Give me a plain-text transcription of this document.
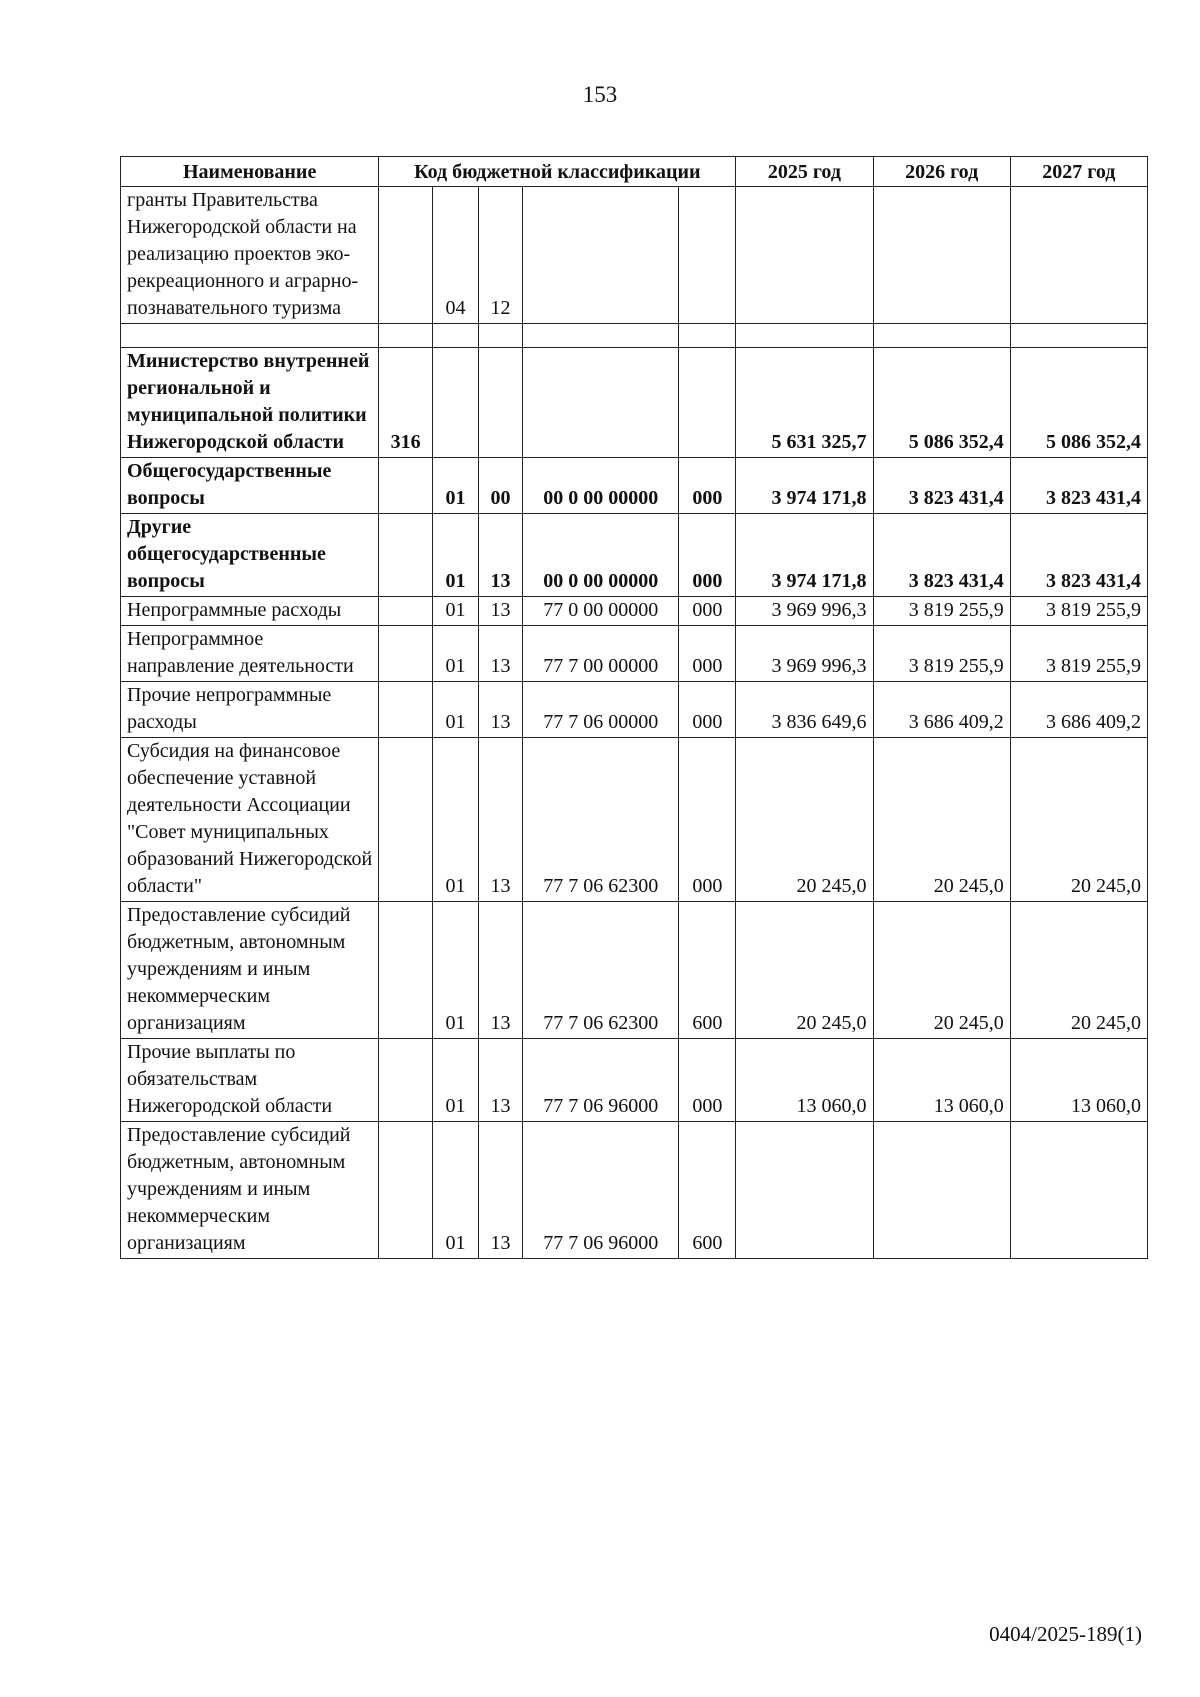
153
Наименование	Код бюджетной классификации					2025 год	2026 год	2027 год
гранты Правительства Нижегородской области на реализацию проектов эко-рекреационного и аграрно-познавательного туризма		04	12					

Министерство внутренней региональной и муниципальной политики Нижегородской области	316					5 631 325,7	5 086 352,4	5 086 352,4
Общегосударственные вопросы		01	00	00 0 00 00000	000	3 974 171,8	3 823 431,4	3 823 431,4
Другие общегосударственные вопросы		01	13	00 0 00 00000	000	3 974 171,8	3 823 431,4	3 823 431,4
Непрограммные расходы		01	13	77 0 00 00000	000	3 969 996,3	3 819 255,9	3 819 255,9
Непрограммное направление деятельности		01	13	77 7 00 00000	000	3 969 996,3	3 819 255,9	3 819 255,9
Прочие непрограммные расходы		01	13	77 7 06 00000	000	3 836 649,6	3 686 409,2	3 686 409,2
Субсидия на финансовое обеспечение уставной деятельности Ассоциации "Совет муниципальных образований Нижегородской области"		01	13	77 7 06 62300	000	20 245,0	20 245,0	20 245,0
Предоставление субсидий бюджетным, автономным учреждениям и иным некоммерческим организациям		01	13	77 7 06 62300	600	20 245,0	20 245,0	20 245,0
Прочие выплаты по обязательствам Нижегородской области		01	13	77 7 06 96000	000	13 060,0	13 060,0	13 060,0
Предоставление субсидий бюджетным, автономным учреждениям и иным некоммерческим организациям		01	13	77 7 06 96000	600			
0404/2025-189(1)
